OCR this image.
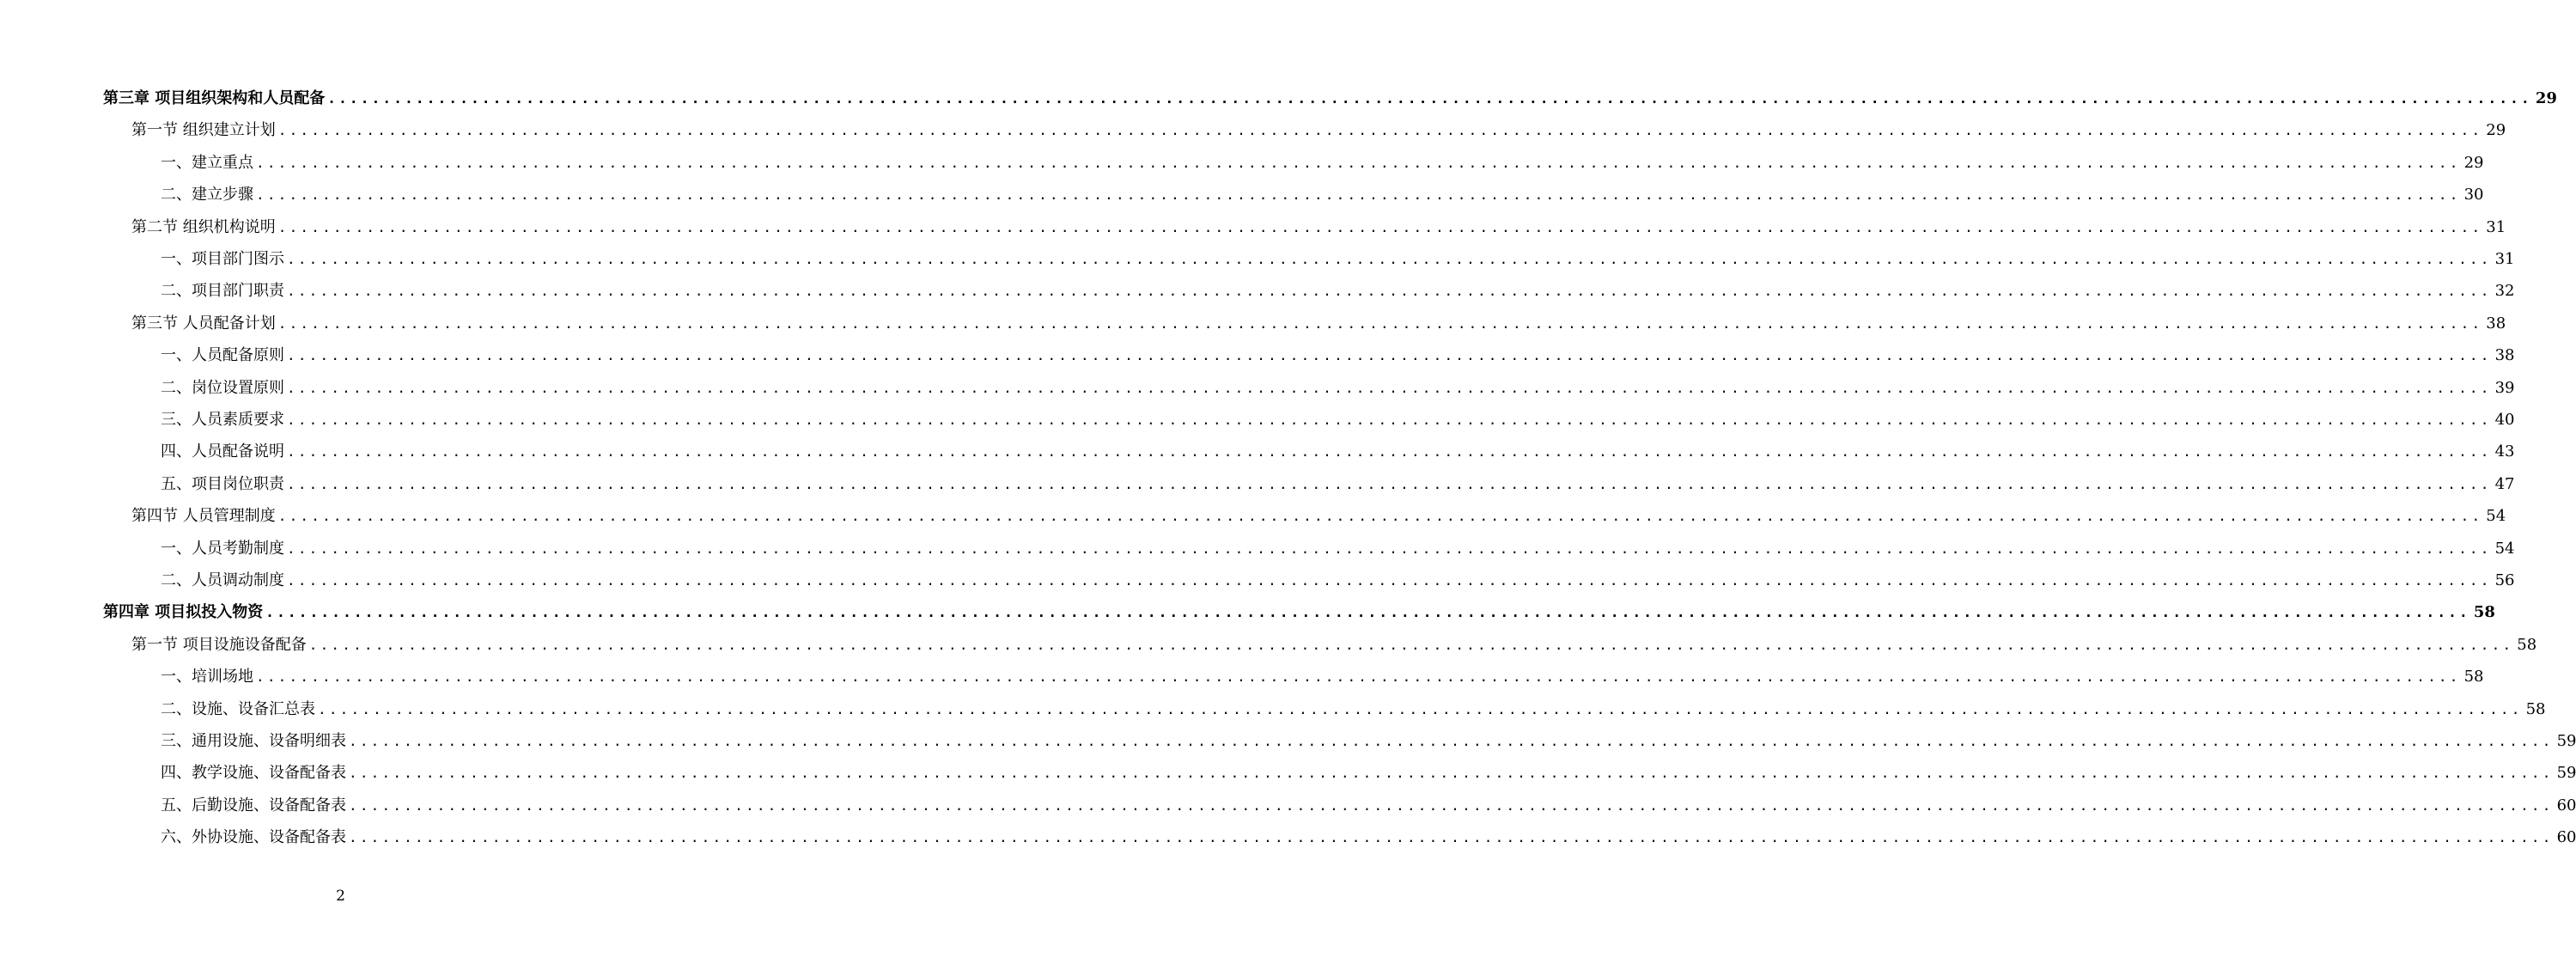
第三章 项目组织架构和人员配备 ........................................................................................................................................................................................................ 29
第一节 组织建立计划 ........................................................................................................................................................................................................ 29
一、建立重点 ........................................................................................................................................................................................................ 29
二、建立步骤 ........................................................................................................................................................................................................ 30
第二节 组织机构说明 ........................................................................................................................................................................................................ 31
一、项目部门图示 ........................................................................................................................................................................................................ 31
二、项目部门职责 ........................................................................................................................................................................................................ 32
第三节 人员配备计划 ........................................................................................................................................................................................................ 38
一、人员配备原则 ........................................................................................................................................................................................................ 38
二、岗位设置原则 ........................................................................................................................................................................................................ 39
三、人员素质要求 ........................................................................................................................................................................................................ 40
四、人员配备说明 ........................................................................................................................................................................................................ 43
五、项目岗位职责 ........................................................................................................................................................................................................ 47
第四节 人员管理制度 ........................................................................................................................................................................................................ 54
一、人员考勤制度 ........................................................................................................................................................................................................ 54
二、人员调动制度 ........................................................................................................................................................................................................ 56
第四章 项目拟投入物资 ........................................................................................................................................................................................................ 58
第一节 项目设施设备配备 ........................................................................................................................................................................................................ 58
一、培训场地 ........................................................................................................................................................................................................ 58
二、设施、设备汇总表 ........................................................................................................................................................................................................ 58
三、通用设施、设备明细表 ........................................................................................................................................................................................................ 59
四、教学设施、设备配备表 ........................................................................................................................................................................................................ 59
五、后勤设施、设备配备表 ........................................................................................................................................................................................................ 60
六、外协设施、设备配备表 ........................................................................................................................................................................................................ 60
2
